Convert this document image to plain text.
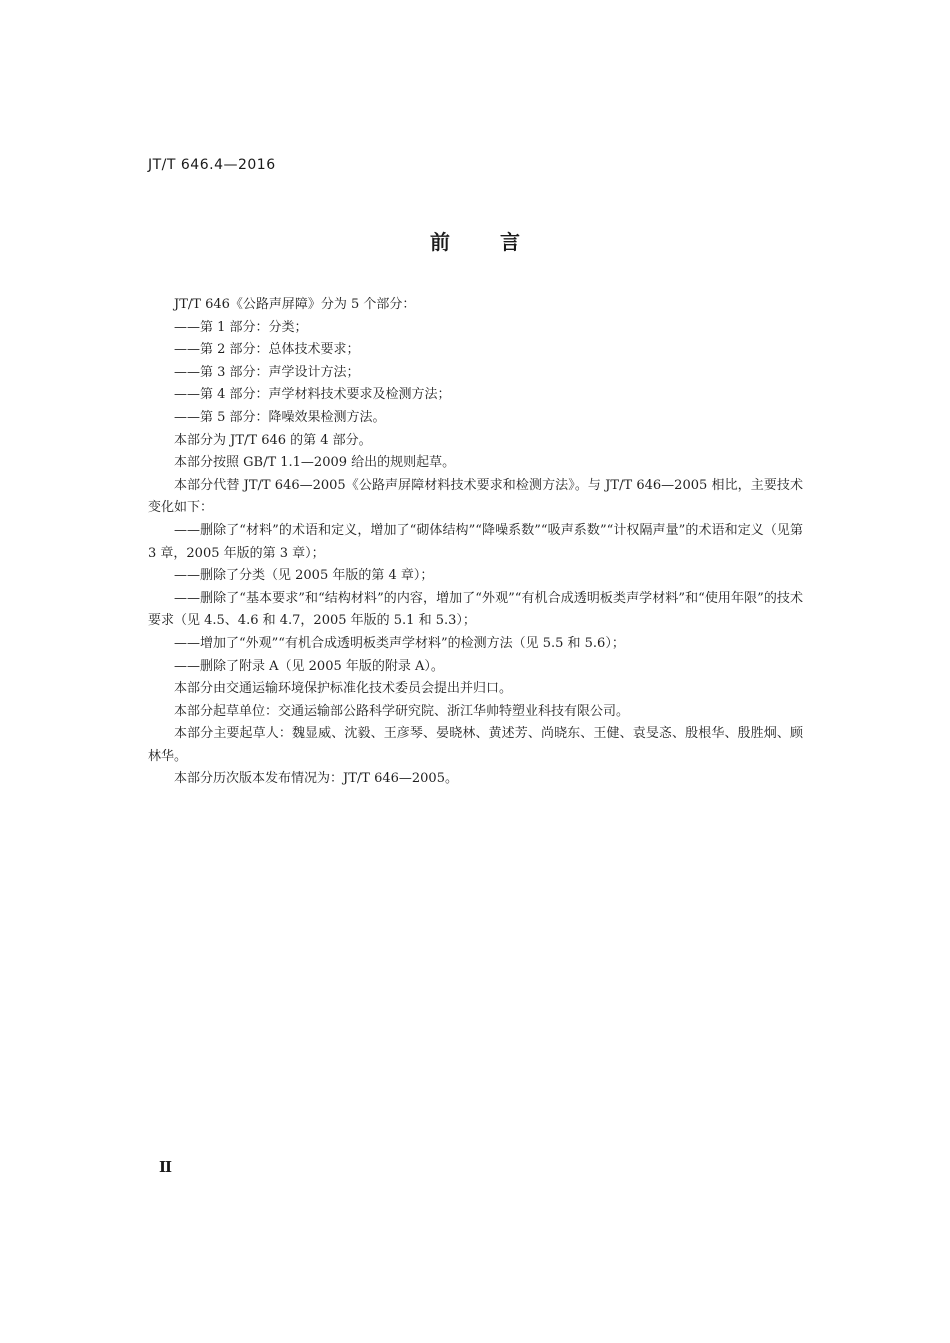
JT/T 646.4—2016
前言

JT/T 646《公路声屏障》分为 5 个部分：

——第 1 部分：分类；

——第 2 部分：总体技术要求；

——第 3 部分：声学设计方法；

——第 4 部分：声学材料技术要求及检测方法；

——第 5 部分：降噪效果检测方法。

本部分为 JT/T 646 的第 4 部分。

本部分按照 GB/T 1.1—2009 给出的规则起草。

本部分代替 JT/T 646—2005《公路声屏障材料技术要求和检测方法》。与 JT/T 646—2005 相比，主要技术变化如下：

——删除了“材料”的术语和定义，增加了“砌体结构”“降噪系数”“吸声系数”“计权隔声量”的术语和定义（见第 3 章，2005 年版的第 3 章）；

——删除了分类（见 2005 年版的第 4 章）；

——删除了“基本要求”和“结构材料”的内容，增加了“外观”“有机合成透明板类声学材料”和“使用年限”的技术要求（见 4.5、4.6 和 4.7，2005 年版的 5.1 和 5.3）；

——增加了“外观”“有机合成透明板类声学材料”的检测方法（见 5.5 和 5.6）；

——删除了附录 A（见 2005 年版的附录 A）。

本部分由交通运输环境保护标准化技术委员会提出并归口。

本部分起草单位：交通运输部公路科学研究院、浙江华帅特塑业科技有限公司。

本部分主要起草人：魏显威、沈毅、王彦琴、晏晓林、黄述芳、尚晓东、王健、袁旻忞、殷根华、殷胜炯、顾林华。

本部分历次版本发布情况为：JT/T 646—2005。

II
